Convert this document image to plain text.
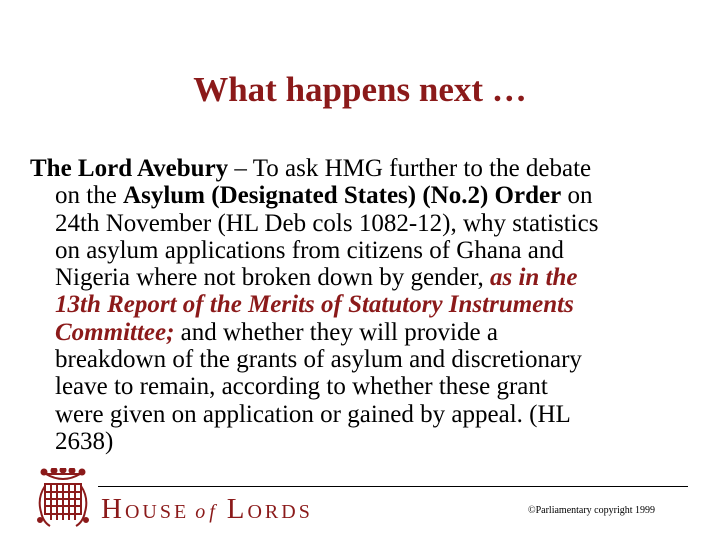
What happens next …
The Lord Avebury – To ask HMG further to the debate
on the Asylum (Designated States) (No.2) Order on
24th November (HL Deb cols 1082-12), why statistics
on asylum applications from citizens of Ghana and
Nigeria where not broken down by gender, as in the
13th Report of the Merits of Statutory Instruments
Committee; and whether they will provide a
breakdown of the grants of asylum and discretionary
leave to remain, according to whether these grant
were given on application or gained by appeal. (HL
2638)
HOUSE of LORDS	©Parliamentary copyright 1999
